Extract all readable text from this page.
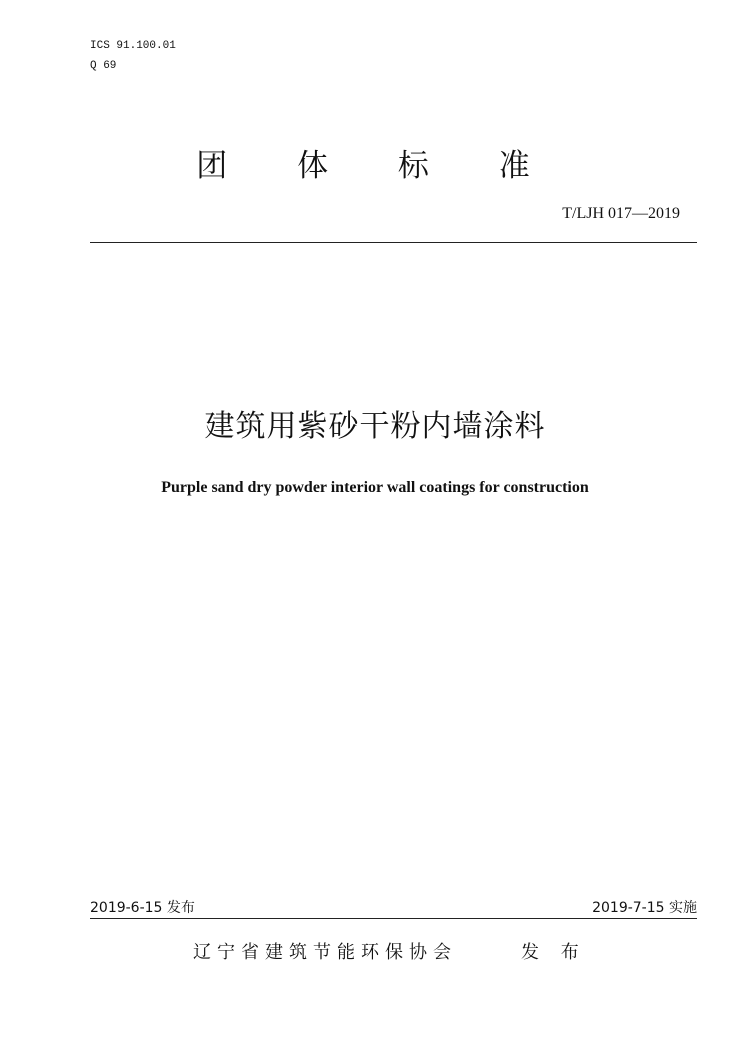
ICS 91.100.01
Q 69
团 体 标 准
T/LJH 017—2019
建筑用紫砂干粉内墙涂料
Purple sand dry powder interior wall coatings for construction
2019-6-15 发布	2019-7-15 实施
辽宁省建筑节能环保协会	发 布
